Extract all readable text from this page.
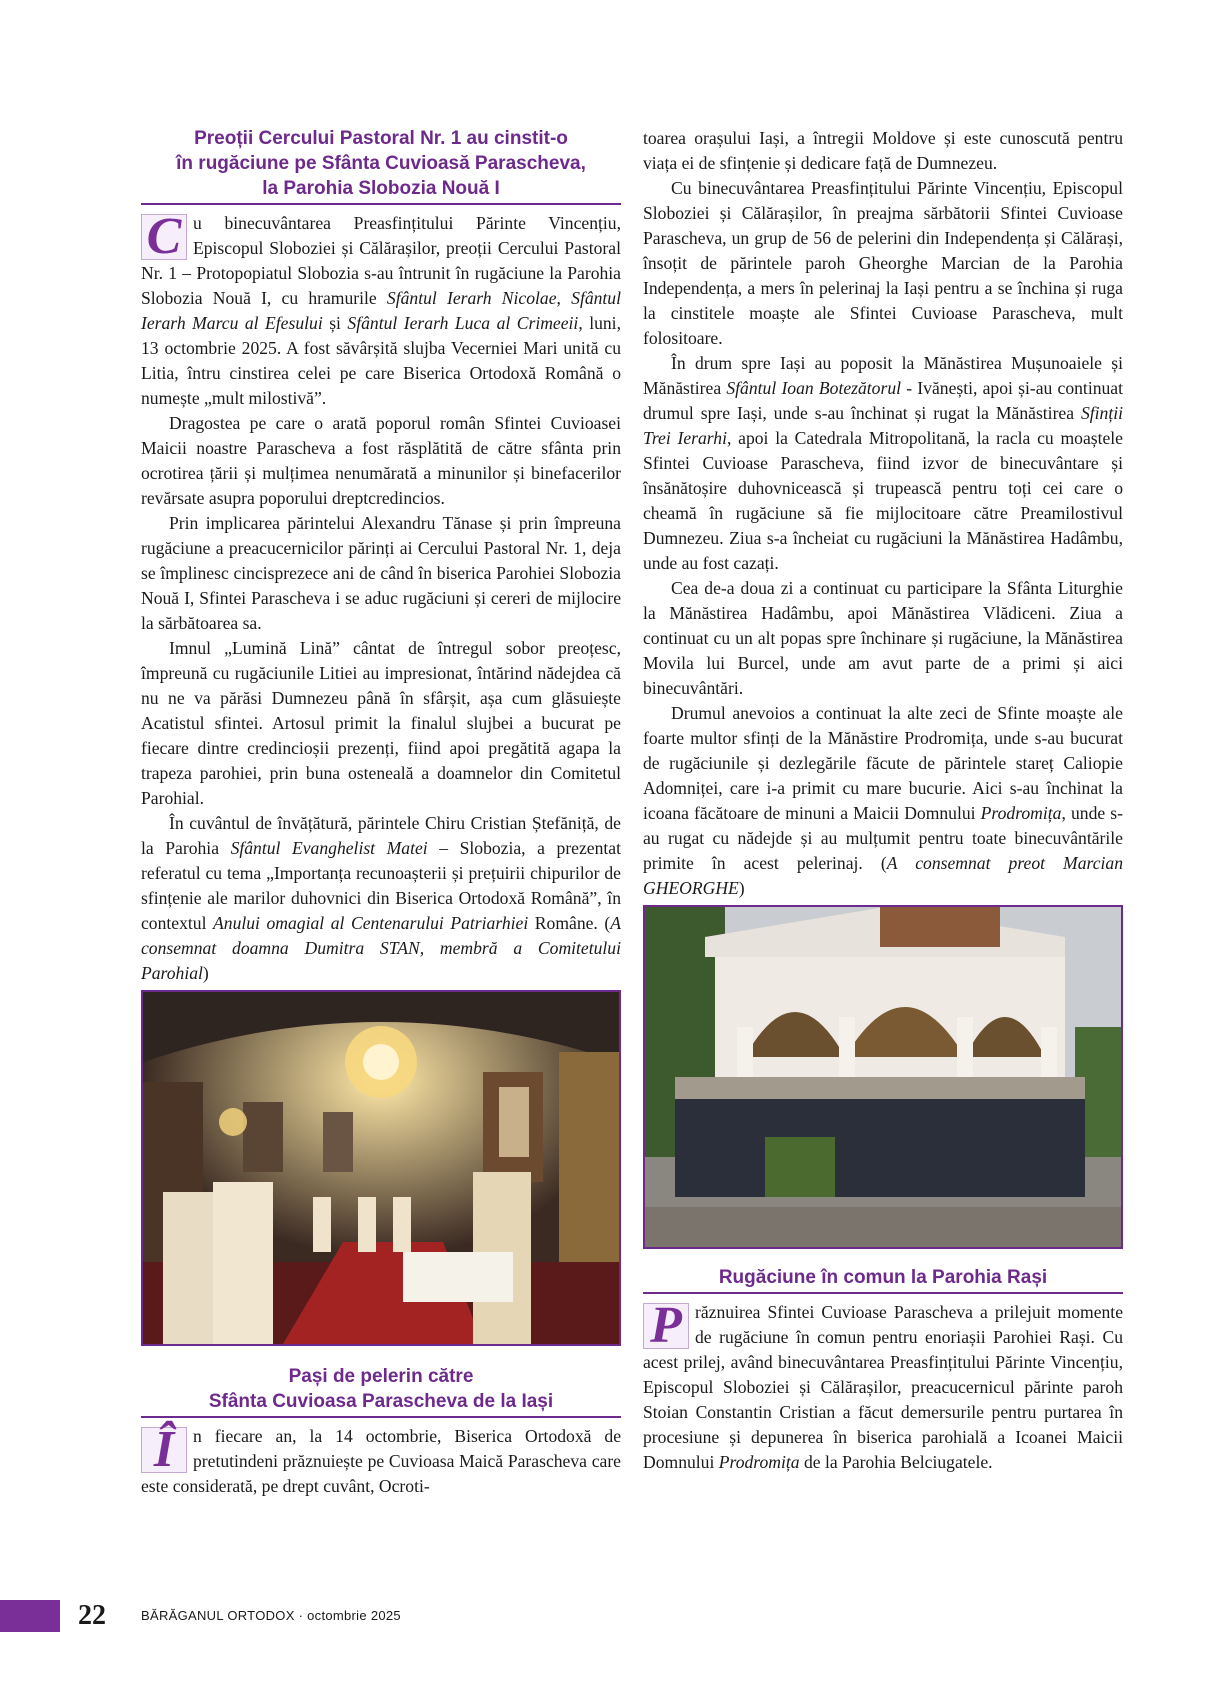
Preoții Cercului Pastoral Nr. 1 au cinstit-o
în rugăciune pe Sfânta Cuvioasă Parascheva,
la Parohia Slobozia Nouă I

C u binecuvântarea Preasfințitului Părinte Vincențiu, Episcopul Sloboziei și Călărașilor, preoții Cercului Pastoral Nr. 1 – Protopopiatul Slobozia s-au întrunit în rugăciune la Parohia Slobozia Nouă I, cu hramurile Sfântul Ierarh Nicolae, Sfântul Ierarh Marcu al Efesului și Sfântul Ierarh Luca al Crimeeii, luni, 13 octombrie 2025. A fost săvârșită slujba Vecerniei Mari unită cu Litia, întru cinstirea celei pe care Biserica Ortodoxă Română o numește „mult milostivă”.

Dragostea pe care o arată poporul român Sfintei Cuvioasei Maicii noastre Parascheva a fost răsplătită de către sfânta prin ocrotirea țării și mulțimea nenumărată a minunilor și binefacerilor revărsate asupra poporului dreptcredincios.

Prin implicarea părintelui Alexandru Tănase și prin împreuna rugăciune a preacucernicilor părinți ai Cercului Pastoral Nr. 1, deja se împlinesc cincisprezece ani de când în biserica Parohiei Slobozia Nouă I, Sfintei Parascheva i se aduc rugăciuni și cereri de mijlocire la sărbătoarea sa.

Imnul „Lumină Lină” cântat de întregul sobor preoțesc, împreună cu rugăciunile Litiei au impresionat, întărind nădejdea că nu ne va părăsi Dumnezeu până în sfârșit, așa cum glăsuiește Acatistul sfintei. Artosul primit la finalul slujbei a bucurat pe fiecare dintre credincioșii prezenți, fiind apoi pregătită agapa la trapeza parohiei, prin buna osteneală a doamnelor din Comitetul Parohial.

În cuvântul de învățătură, părintele Chiru Cristian Ștefăniță, de la Parohia Sfântul Evanghelist Matei – Slobozia, a prezentat referatul cu tema „Importanța recunoașterii și prețuirii chipurilor de sfințenie ale marilor duhovnici din Biserica Ortodoxă Română”, în contextul Anului omagial al Centenarului Patriarhiei Române. (A consemnat doamna Dumitra STAN, membră a Comitetului Parohial)

Pași de pelerin către
Sfânta Cuvioasa Parascheva de la Iași

Î	n fiecare an, la 14 octombrie, Biserica Ortodoxă de pretutindeni prăznuiește pe Cuvioasa Maică Parascheva care este considerată, pe drept cuvânt, Ocroti-

toarea orașului Iași, a întregii Moldove și este cunoscută pentru viața ei de sfințenie și dedicare față de Dumnezeu.

Cu binecuvântarea Preasfințitului Părinte Vincențiu, Episcopul Sloboziei și Călărașilor, în preajma sărbătorii Sfintei Cuvioase Parascheva, un grup de 56 de pelerini din Independența și Călărași, însoțit de părintele paroh Gheorghe Marcian de la Parohia Independența, a mers în pelerinaj la Iași pentru a se închina și ruga la cinstitele moaște ale Sfintei Cuvioase Parascheva, mult folositoare.

În drum spre Iași au poposit la Mănăstirea Mușunoaiele și Mănăstirea Sfântul Ioan Botezătorul - Ivănești, apoi și-au continuat drumul spre Iași, unde s-au închinat și rugat la Mănăstirea Sfinții Trei Ierarhi, apoi la Catedrala Mitropolitană, la racla cu moaștele Sfintei Cuvioase Parascheva, fiind izvor de binecuvântare și însănătoșire duhovnicească și trupească pentru toți cei care o cheamă în rugăciune să fie mijlocitoare către Preamilostivul Dumnezeu. Ziua s-a încheiat cu rugăciuni la Mănăstirea Hadâmbu, unde au fost cazați.

Cea de-a doua zi a continuat cu participare la Sfânta Liturghie la Mănăstirea Hadâmbu, apoi Mănăstirea Vlădiceni. Ziua a continuat cu un alt popas spre închinare și rugăciune, la Mănăstirea Movila lui Burcel, unde am avut parte de a primi și aici binecuvântări.

Drumul anevoios a continuat la alte zeci de Sfinte moaște ale foarte multor sfinți de la Mănăstire Prodromița, unde s-au bucurat de rugăciunile și dezlegările făcute de părintele stareț Caliopie Adomniței, care i-a primit cu mare bucurie. Aici s-au închinat la icoana făcătoare de minuni a Maicii Domnului Prodromița, unde s-au rugat cu nădejde și au mulțumit pentru toate binecuvântările primite în acest pelerinaj. (A consemnat preot Marcian GHEORGHE)

Rugăciune în comun la Parohia Rași

P răznuirea Sfintei Cuvioase Parascheva a prilejuit momente de rugăciune în comun pentru enoriașii Parohiei Rași. Cu acest prilej, având binecuvântarea Preasfințitului Părinte Vincențiu, Episcopul Sloboziei și Călărașilor, preacucernicul părinte paroh Stoian Constantin Cristian a făcut demersurile pentru purtarea în procesiune și depunerea în biserica parohială a Icoanei Maicii Domnului Prodromița de la Parohia Belciugatele.

22	BĂRĂGANUL ORTODOX · octombrie 2025
